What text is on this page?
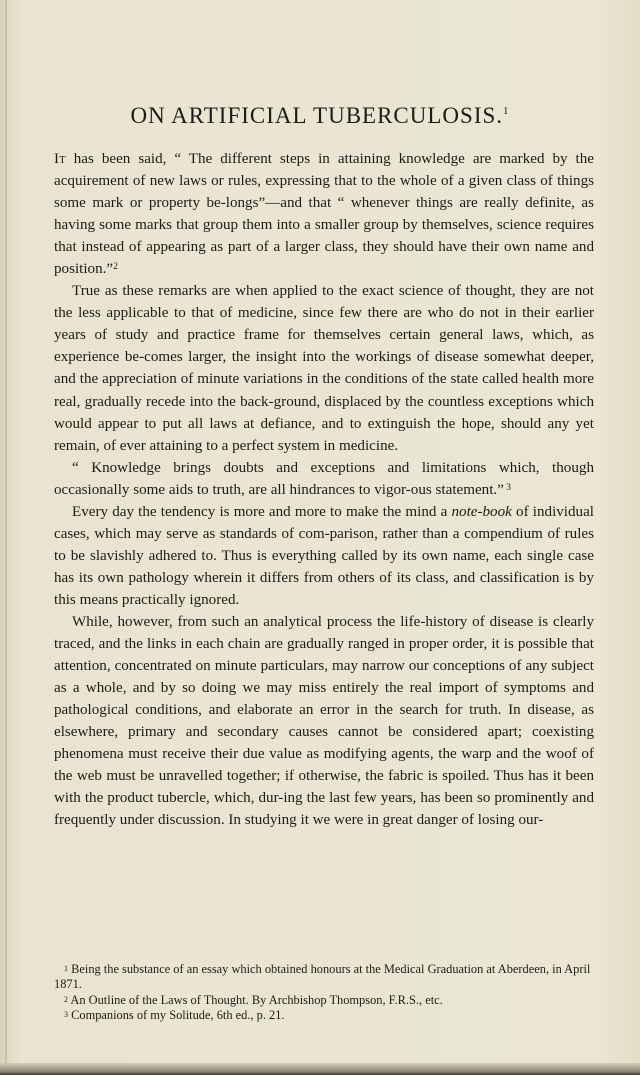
ON ARTIFICIAL TUBERCULOSIS.$^1$

It has been said, “ The different steps in attaining knowledge are marked by the acquirement of new laws or rules, expressing that to the whole of a given class of things some mark or property be-longs”—and that “ whenever things are really definite, as having some marks that group them into a smaller group by themselves, science requires that instead of appearing as part of a larger class, they should have their own name and position.”$^2$

True as these remarks are when applied to the exact science of thought, they are not the less applicable to that of medicine, since few there are who do not in their earlier years of study and practice frame for themselves certain general laws, which, as experience be-comes larger, the insight into the workings of disease somewhat deeper, and the appreciation of minute variations in the conditions of the state called health more real, gradually recede into the back-ground, displaced by the countless exceptions which would appear to put all laws at defiance, and to extinguish the hope, should any yet remain, of ever attaining to a perfect system in medicine.

“ Knowledge brings doubts and exceptions and limitations which, though occasionally some aids to truth, are all hindrances to vigor-ous statement.” $^3$

Every day the tendency is more and more to make the mind a note-book of individual cases, which may serve as standards of com-parison, rather than a compendium of rules to be slavishly adhered to. Thus is everything called by its own name, each single case has its own pathology wherein it differs from others of its class, and classification is by this means practically ignored.

While, however, from such an analytical process the life-history of disease is clearly traced, and the links in each chain are gradually ranged in proper order, it is possible that attention, concentrated on minute particulars, may narrow our conceptions of any subject as a whole, and by so doing we may miss entirely the real import of symptoms and pathological conditions, and elaborate an error in the search for truth. In disease, as elsewhere, primary and secondary causes cannot be considered apart; coexisting phenomena must receive their due value as modifying agents, the warp and the woof of the web must be unravelled together; if otherwise, the fabric is spoiled. Thus has it been with the product tubercle, which, dur-ing the last few years, has been so prominently and frequently under discussion. In studying it we were in great danger of losing our-

$^1$ Being the substance of an essay which obtained honours at the Medical Graduation at Aberdeen, in April 1871.

$^2$ An Outline of the Laws of Thought. By Archbishop Thompson, F.R.S., etc.

$^3$ Companions of my Solitude, 6th ed., p. 21.
